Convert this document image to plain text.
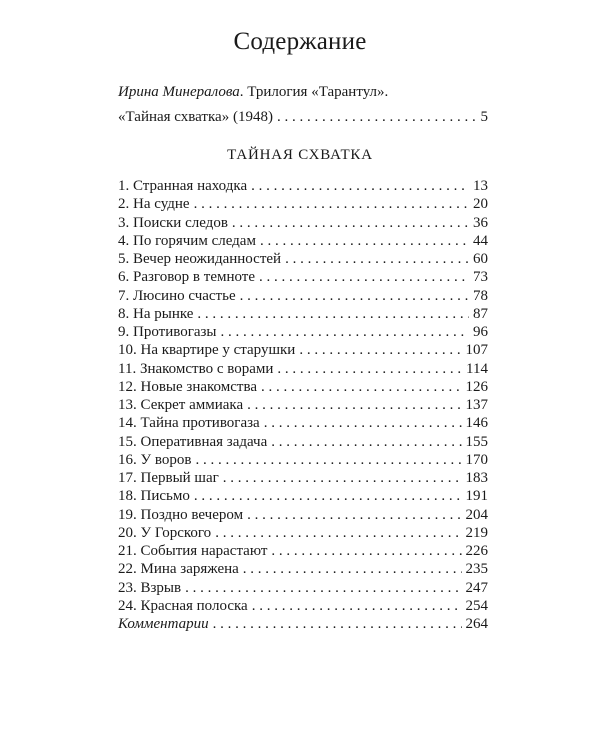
Содержание
Ирина Минералова. Трилогия «Тарантул».
«Тайная схватка» (1948) . . .	5
ТАЙНАЯ СХВАТКА
1. Странная находка . . .	13
2. На судне . . .	20
3. Поиски следов . . .	36
4. По горячим следам . . .	44
5. Вечер неожиданностей . . .	60
6. Разговор в темноте . . .	73
7. Люсино счастье . . .	78
8. На рынке . . .	87
9. Противогазы . . .	96
10. На квартире у старушки . . .	107
11. Знакомство с ворами . . .	114
12. Новые знакомства . . .	126
13. Секрет аммиака . . .	137
14. Тайна противогаза . . .	146
15. Оперативная задача . . .	155
16. У воров . . .	170
17. Первый шаг . . .	183
18. Письмо . . .	191
19. Поздно вечером . . .	204
20. У Горского . . .	219
21. События нарастают . . .	226
22. Мина заряжена . . .	235
23. Взрыв . . .	247
24. Красная полоска . . .	254
Комментарии . . .	264
